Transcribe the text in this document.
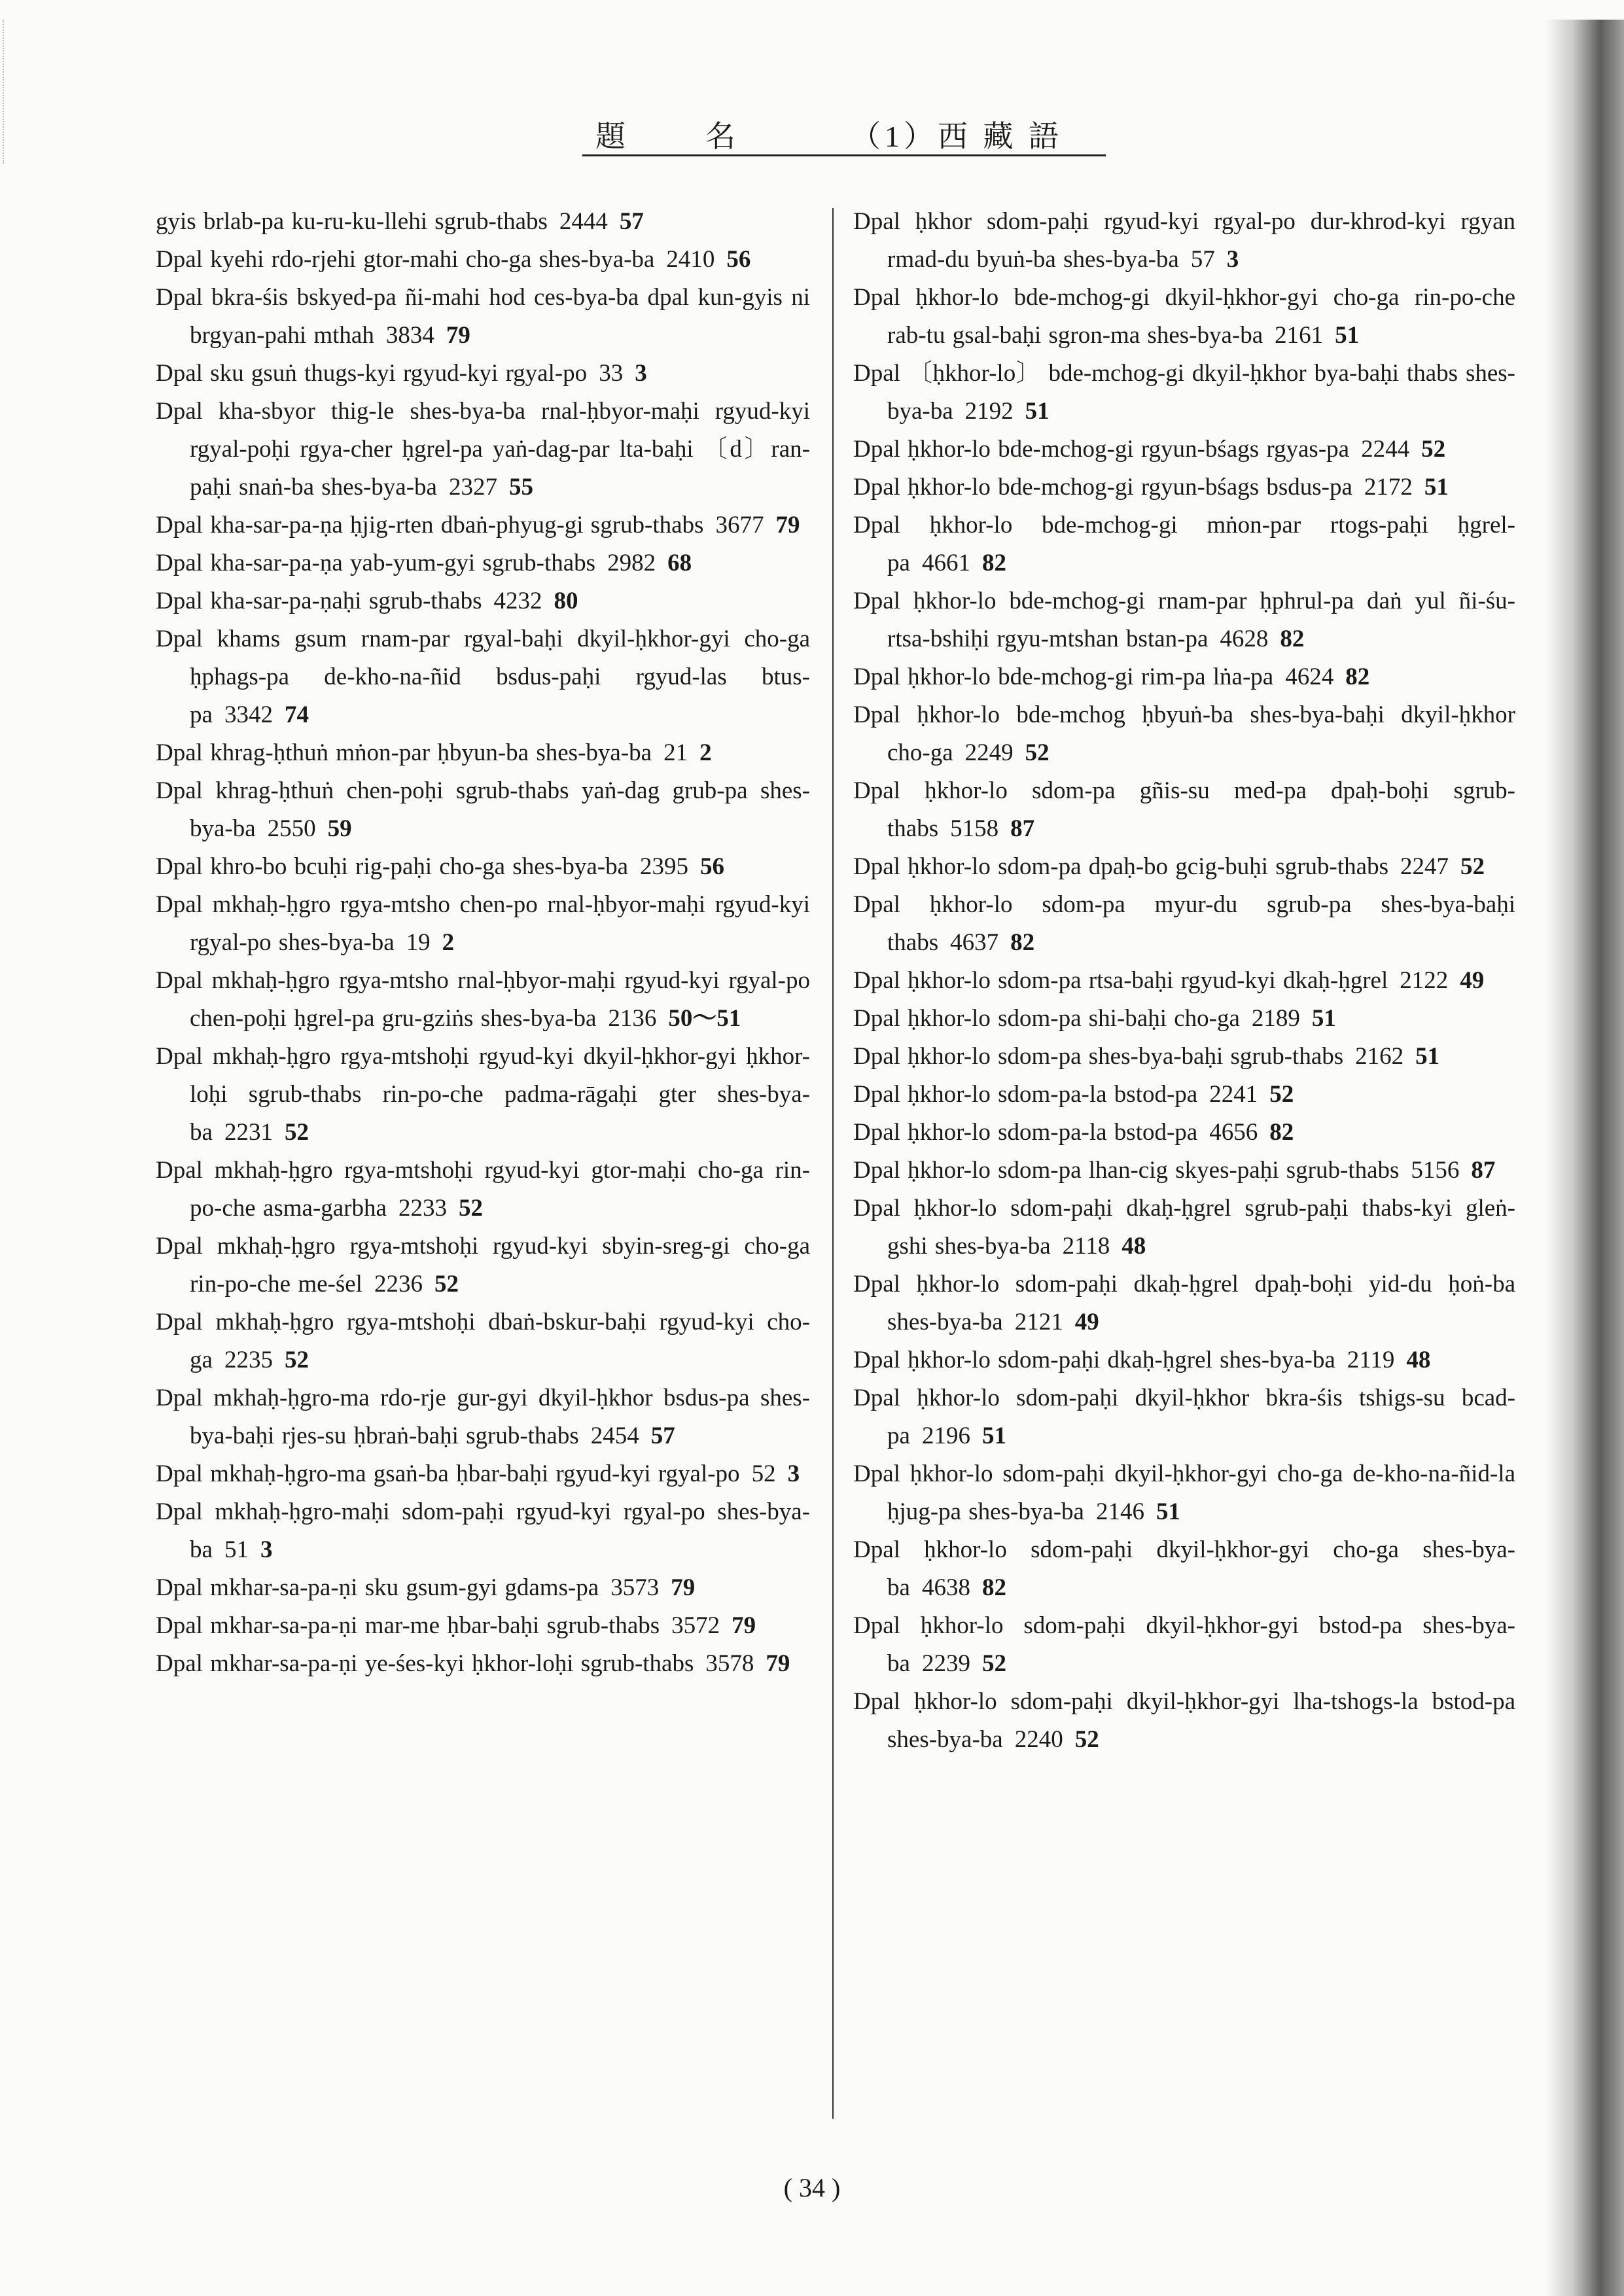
題	名	（1）西 藏 語
gyis brlab-pa ku-ru-ku-llehi sgrub-thabs 2444 57
Dpal kyehi rdo-rjehi gtor-mahi cho-ga shes-bya-ba 2410 56
Dpal bkra-śis bskyed-pa ñi-mahi hod ces-bya-ba dpal kun-gyis ni brgyan-pahi mthah 3834 79
Dpal sku gsuṅ thugs-kyi rgyud-kyi rgyal-po 33 3
Dpal kha-sbyor thig-le shes-bya-ba rnal-ḥbyor-maḥi rgyud-kyi rgyal-poḥi rgya-cher ḥgrel-pa yaṅ-dag-par lta-baḥi 〔d〕ran-paḥi snaṅ-ba shes-bya-ba 2327 55
Dpal kha-sar-pa-ṇa ḥjig-rten dbaṅ-phyug-gi sgrub-thabs 3677 79
Dpal kha-sar-pa-ṇa yab-yum-gyi sgrub-thabs 2982 68
Dpal kha-sar-pa-ṇaḥi sgrub-thabs 4232 80
Dpal khams gsum rnam-par rgyal-baḥi dkyil-ḥkhor-gyi cho-ga ḥphags-pa de-kho-na-ñid bsdus-paḥi rgyud-las btus-pa 3342 74
Dpal khrag-ḥthuṅ mṅon-par ḥbyun-ba shes-bya-ba 21 2
Dpal khrag-ḥthuṅ chen-poḥi sgrub-thabs yaṅ-dag grub-pa shes-bya-ba 2550 59
Dpal khro-bo bcuḥi rig-paḥi cho-ga shes-bya-ba 2395 56
Dpal mkhaḥ-ḥgro rgya-mtsho chen-po rnal-ḥbyor-maḥi rgyud-kyi rgyal-po shes-bya-ba 19 2
Dpal mkhaḥ-ḥgro rgya-mtsho rnal-ḥbyor-maḥi rgyud-kyi rgyal-po chen-poḥi ḥgrel-pa gru-gziṅs shes-bya-ba 2136 50～51
Dpal mkhaḥ-ḥgro rgya-mtshoḥi rgyud-kyi dkyil-ḥkhor-gyi ḥkhor-loḥi sgrub-thabs rin-po-che padma-rāgaḥi gter shes-bya-ba 2231 52
Dpal mkhaḥ-ḥgro rgya-mtshoḥi rgyud-kyi gtor-maḥi cho-ga rin-po-che asma-garbha 2233 52
Dpal mkhaḥ-ḥgro rgya-mtshoḥi rgyud-kyi sbyin-sreg-gi cho-ga rin-po-che me-śel 2236 52
Dpal mkhaḥ-ḥgro rgya-mtshoḥi dbaṅ-bskur-baḥi rgyud-kyi cho-ga 2235 52
Dpal mkhaḥ-ḥgro-ma rdo-rje gur-gyi dkyil-ḥkhor bsdus-pa shes-bya-baḥi rjes-su ḥbraṅ-baḥi sgrub-thabs 2454 57
Dpal mkhaḥ-ḥgro-ma gsaṅ-ba ḥbar-baḥi rgyud-kyi rgyal-po 52 3
Dpal mkhaḥ-ḥgro-maḥi sdom-paḥi rgyud-kyi rgyal-po shes-bya-ba 51 3
Dpal mkhar-sa-pa-ṇi sku gsum-gyi gdams-pa 3573 79
Dpal mkhar-sa-pa-ṇi mar-me ḥbar-baḥi sgrub-thabs 3572 79
Dpal mkhar-sa-pa-ṇi ye-śes-kyi ḥkhor-loḥi sgrub-thabs 3578 79
Dpal ḥkhor sdom-paḥi rgyud-kyi rgyal-po dur-khrod-kyi rgyan rmad-du byuṅ-ba shes-bya-ba 57 3
Dpal ḥkhor-lo bde-mchog-gi dkyil-ḥkhor-gyi cho-ga rin-po-che rab-tu gsal-baḥi sgron-ma shes-bya-ba 2161 51
Dpal 〔ḥkhor-lo〕 bde-mchog-gi dkyil-ḥkhor bya-baḥi thabs shes-bya-ba 2192 51
Dpal ḥkhor-lo bde-mchog-gi rgyun-bśags rgyas-pa 2244 52
Dpal ḥkhor-lo bde-mchog-gi rgyun-bśags bsdus-pa 2172 51
Dpal ḥkhor-lo bde-mchog-gi mṅon-par rtogs-paḥi ḥgrel-pa 4661 82
Dpal ḥkhor-lo bde-mchog-gi rnam-par ḥphrul-pa daṅ yul ñi-śu-rtsa-bshiḥi rgyu-mtshan bstan-pa 4628 82
Dpal ḥkhor-lo bde-mchog-gi rim-pa lṅa-pa 4624 82
Dpal ḥkhor-lo bde-mchog ḥbyuṅ-ba shes-bya-baḥi dkyil-ḥkhor cho-ga 2249 52
Dpal ḥkhor-lo sdom-pa gñis-su med-pa dpaḥ-boḥi sgrub-thabs 5158 87
Dpal ḥkhor-lo sdom-pa dpaḥ-bo gcig-buḥi sgrub-thabs 2247 52
Dpal ḥkhor-lo sdom-pa myur-du sgrub-pa shes-bya-baḥi thabs 4637 82
Dpal ḥkhor-lo sdom-pa rtsa-baḥi rgyud-kyi dkaḥ-ḥgrel 2122 49
Dpal ḥkhor-lo sdom-pa shi-baḥi cho-ga 2189 51
Dpal ḥkhor-lo sdom-pa shes-bya-baḥi sgrub-thabs 2162 51
Dpal ḥkhor-lo sdom-pa-la bstod-pa 2241 52
Dpal ḥkhor-lo sdom-pa-la bstod-pa 4656 82
Dpal ḥkhor-lo sdom-pa lhan-cig skyes-paḥi sgrub-thabs 5156 87
Dpal ḥkhor-lo sdom-paḥi dkaḥ-ḥgrel sgrub-paḥi thabs-kyi gleṅ-gshi shes-bya-ba 2118 48
Dpal ḥkhor-lo sdom-paḥi dkaḥ-ḥgrel dpaḥ-boḥi yid-du ḥoṅ-ba shes-bya-ba 2121 49
Dpal ḥkhor-lo sdom-paḥi dkaḥ-ḥgrel shes-bya-ba 2119 48
Dpal ḥkhor-lo sdom-paḥi dkyil-ḥkhor bkra-śis tshigs-su bcad-pa 2196 51
Dpal ḥkhor-lo sdom-paḥi dkyil-ḥkhor-gyi cho-ga de-kho-na-ñid-la ḥjug-pa shes-bya-ba 2146 51
Dpal ḥkhor-lo sdom-paḥi dkyil-ḥkhor-gyi cho-ga shes-bya-ba 4638 82
Dpal ḥkhor-lo sdom-paḥi dkyil-ḥkhor-gyi bstod-pa shes-bya-ba 2239 52
Dpal ḥkhor-lo sdom-paḥi dkyil-ḥkhor-gyi lha-tshogs-la bstod-pa shes-bya-ba 2240 52
( 34 )
